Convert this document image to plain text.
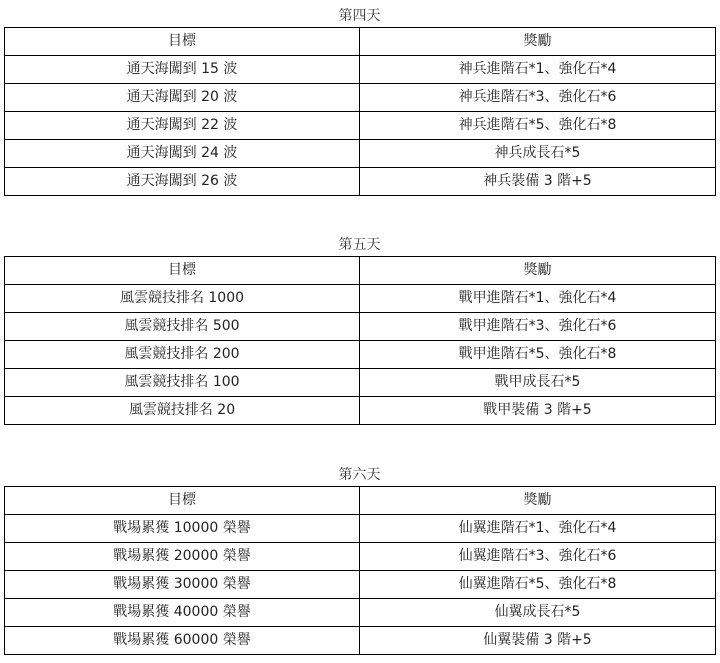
第四天
目標	獎勵
通天海闖到 15 波	神兵進階石*1、強化石*4
通天海闖到 20 波	神兵進階石*3、強化石*6
通天海闖到 22 波	神兵進階石*5、強化石*8
通天海闖到 24 波	神兵成長石*5
通天海闖到 26 波	神兵裝備 3 階+5
第五天
目標	獎勵
風雲競技排名 1000	戰甲進階石*1、強化石*4
風雲競技排名 500	戰甲進階石*3、強化石*6
風雲競技排名 200	戰甲進階石*5、強化石*8
風雲競技排名 100	戰甲成長石*5
風雲競技排名 20	戰甲裝備 3 階+5
第六天
目標	獎勵
戰場累獲 10000 榮譽	仙翼進階石*1、強化石*4
戰場累獲 20000 榮譽	仙翼進階石*3、強化石*6
戰場累獲 30000 榮譽	仙翼進階石*5、強化石*8
戰場累獲 40000 榮譽	仙翼成長石*5
戰場累獲 60000 榮譽	仙翼裝備 3 階+5
